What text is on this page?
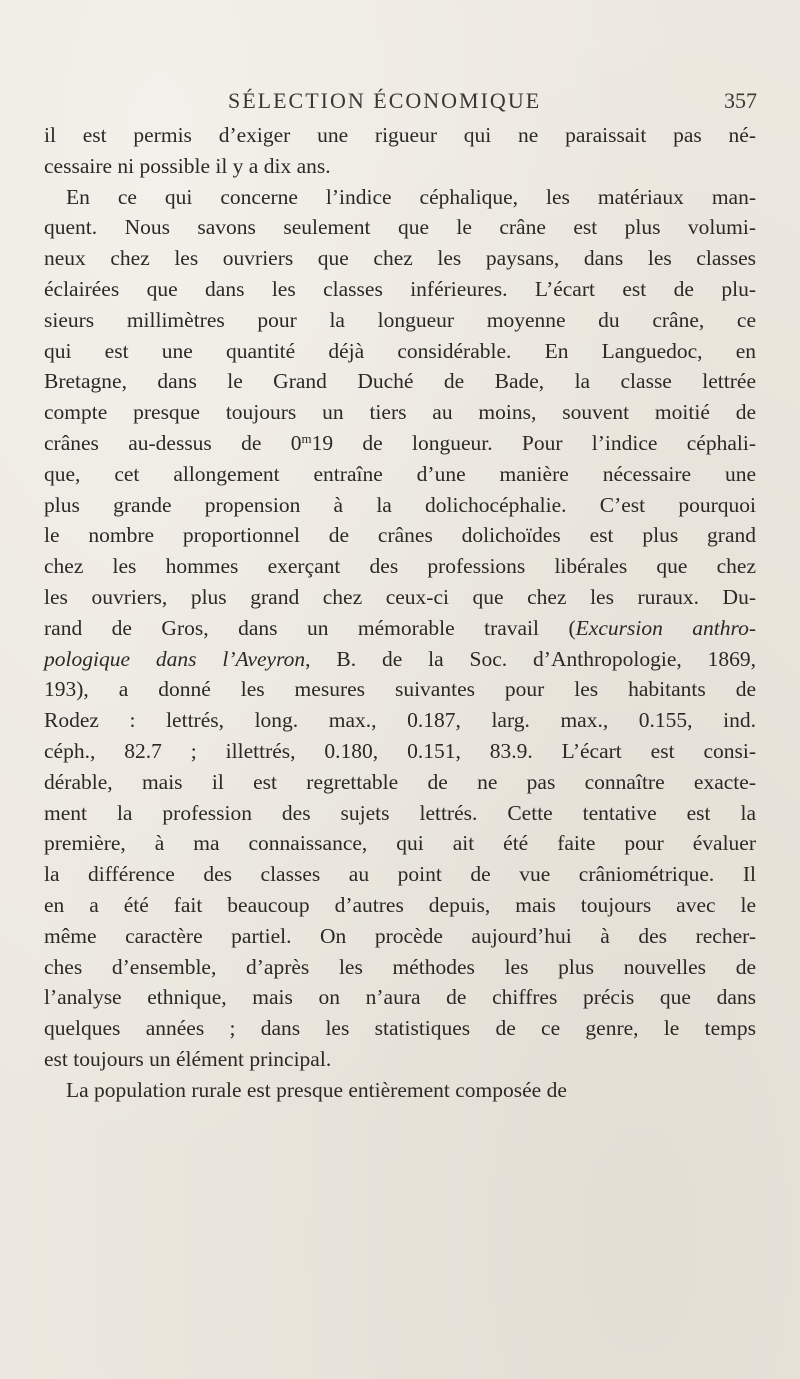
SÉLECTION ÉCONOMIQUE	357
il est permis d’exiger une rigueur qui ne paraissait pas né-
cessaire ni possible il y a dix ans.
En ce qui concerne l’indice céphalique, les matériaux man-
quent. Nous savons seulement que le crâne est plus volumi-
neux chez les ouvriers que chez les paysans, dans les classes
éclairées que dans les classes inférieures. L’écart est de plu-
sieurs millimètres pour la longueur moyenne du crâne, ce
qui est une quantité déjà considérable. En Languedoc, en
Bretagne, dans le Grand Duché de Bade, la classe lettrée
compte presque toujours un tiers au moins, souvent moitié de
crânes au-dessus de 0$^m$19 de longueur. Pour l’indice céphali-
que, cet allongement entraîne d’une manière nécessaire une
plus grande propension à la dolichocéphalie. C’est pourquoi
le nombre proportionnel de crânes dolichoïdes est plus grand
chez les hommes exerçant des professions libérales que chez
les ouvriers, plus grand chez ceux-ci que chez les ruraux. Du-
rand de Gros, dans un mémorable travail (Excursion anthro-
pologique dans l’Aveyron, B. de la Soc. d’Anthropologie, 1869,
193), a donné les mesures suivantes pour les habitants de
Rodez : lettrés, long. max., 0.187, larg. max., 0.155, ind.
céph., 82.7 ; illettrés, 0.180, 0.151, 83.9. L’écart est consi-
dérable, mais il est regrettable de ne pas connaître exacte-
ment la profession des sujets lettrés. Cette tentative est la
première, à ma connaissance, qui ait été faite pour évaluer
la différence des classes au point de vue crâniométrique. Il
en a été fait beaucoup d’autres depuis, mais toujours avec le
même caractère partiel. On procède aujourd’hui à des recher-
ches d’ensemble, d’après les méthodes les plus nouvelles de
l’analyse ethnique, mais on n’aura de chiffres précis que dans
quelques années ; dans les statistiques de ce genre, le temps
est toujours un élément principal.
La population rurale est presque entièrement composée de
